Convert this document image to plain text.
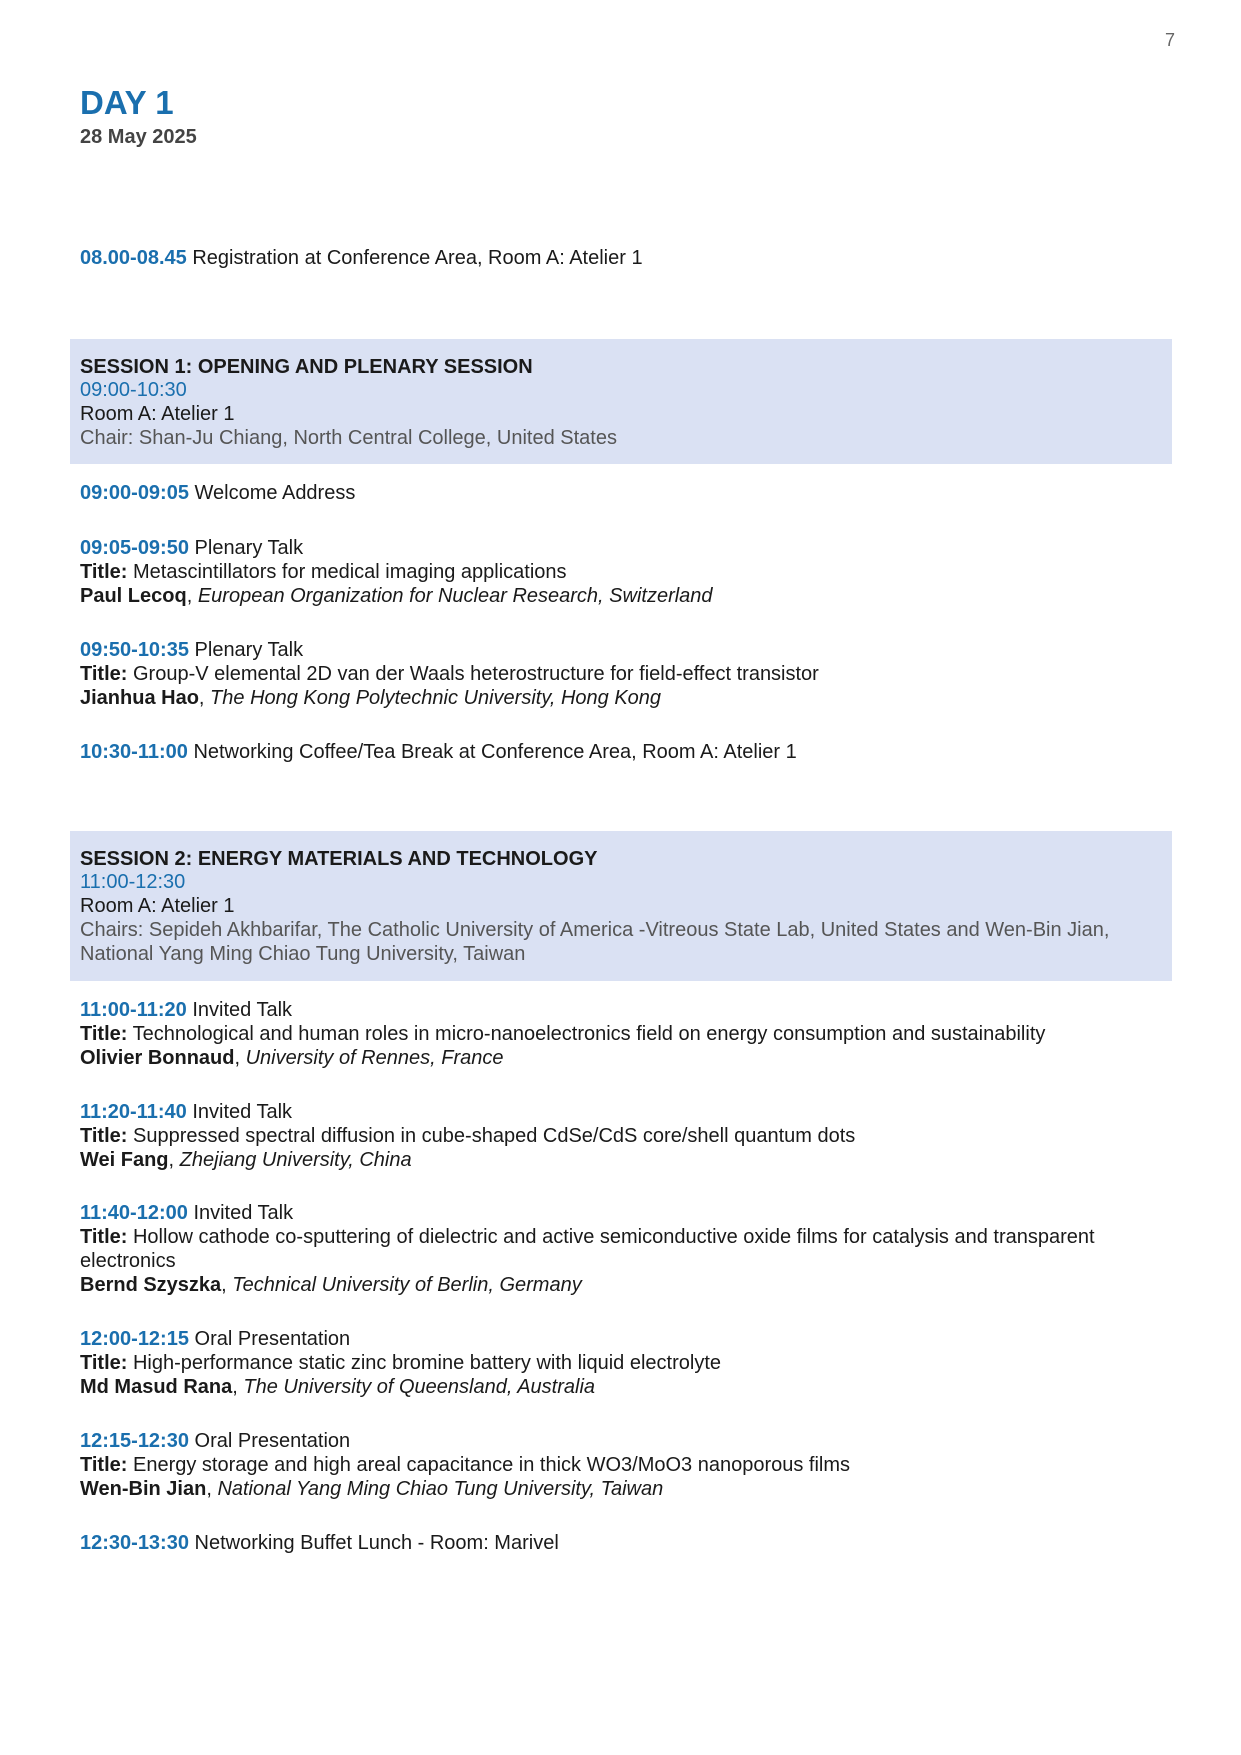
7
DAY 1
28 May 2025
08.00-08.45 Registration at Conference Area, Room A: Atelier 1
SESSION 1: OPENING AND PLENARY SESSION
09:00-10:30
Room A: Atelier 1
Chair: Shan-Ju Chiang, North Central College, United States
09:00-09:05 Welcome Address
09:05-09:50 Plenary Talk
Title: Metascintillators for medical imaging applications
Paul Lecoq, European Organization for Nuclear Research, Switzerland
09:50-10:35 Plenary Talk
Title: Group-V elemental 2D van der Waals heterostructure for field-effect transistor
Jianhua Hao, The Hong Kong Polytechnic University, Hong Kong
10:30-11:00 Networking Coffee/Tea Break at Conference Area, Room A: Atelier 1
SESSION 2: ENERGY MATERIALS AND TECHNOLOGY
11:00-12:30
Room A: Atelier 1
Chairs: Sepideh Akhbarifar, The Catholic University of America -Vitreous State Lab, United States and Wen-Bin Jian,
National Yang Ming Chiao Tung University, Taiwan
11:00-11:20 Invited Talk
Title: Technological and human roles in micro-nanoelectronics field on energy consumption and sustainability
Olivier Bonnaud, University of Rennes, France
11:20-11:40 Invited Talk
Title: Suppressed spectral diffusion in cube-shaped CdSe/CdS core/shell quantum dots
Wei Fang, Zhejiang University, China
11:40-12:00 Invited Talk
Title: Hollow cathode co-sputtering of dielectric and active semiconductive oxide films for catalysis and transparent
electronics
Bernd Szyszka, Technical University of Berlin, Germany
12:00-12:15 Oral Presentation
Title: High-performance static zinc bromine battery with liquid electrolyte
Md Masud Rana, The University of Queensland, Australia
12:15-12:30 Oral Presentation
Title: Energy storage and high areal capacitance in thick WO3/MoO3 nanoporous films
Wen-Bin Jian, National Yang Ming Chiao Tung University, Taiwan
12:30-13:30 Networking Buffet Lunch - Room: Marivel
